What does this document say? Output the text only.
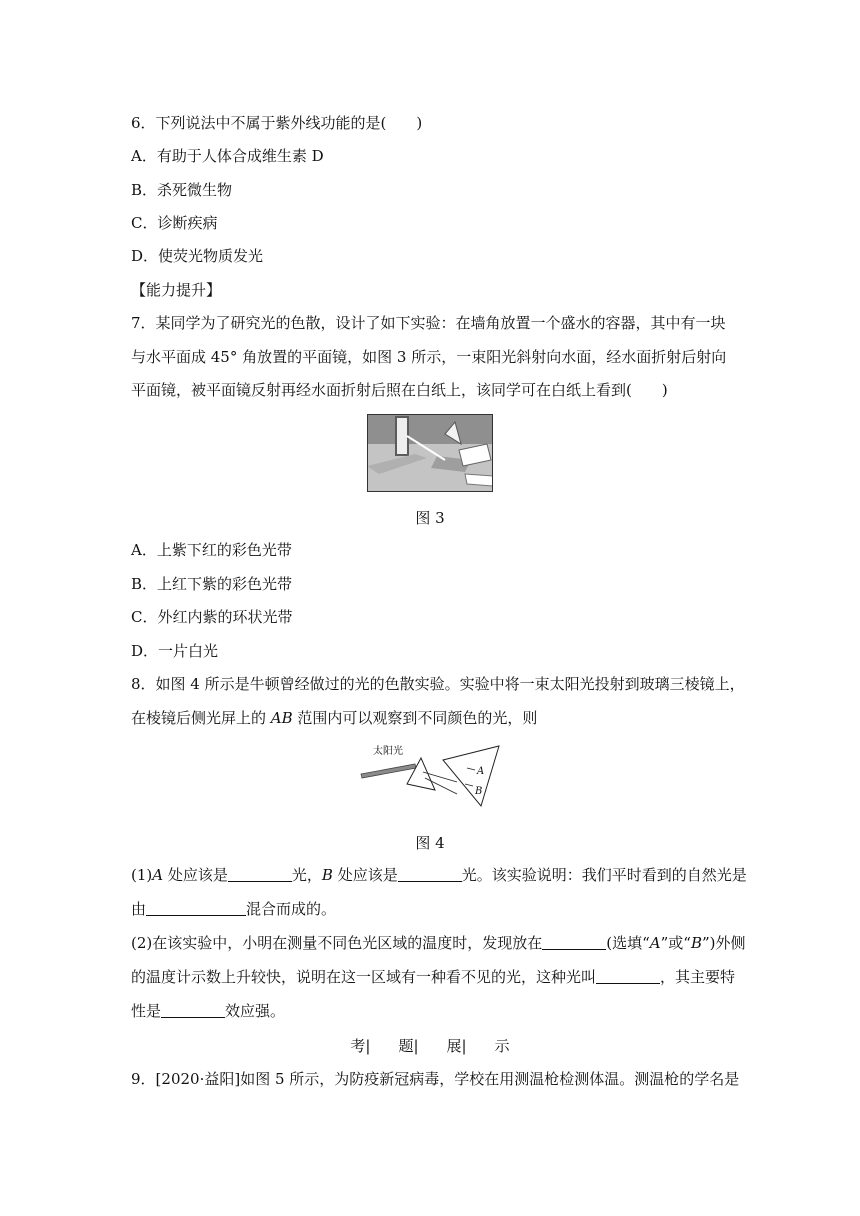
6．下列说法中不属于紫外线功能的是(　　)
A．有助于人体合成维生素 D
B．杀死微生物
C．诊断疾病
D．使荧光物质发光
【能力提升】
7．某同学为了研究光的色散，设计了如下实验：在墙角放置一个盛水的容器，其中有一块
与水平面成 45° 角放置的平面镜，如图 3 所示，一束阳光斜射向水面，经水面折射后射向
平面镜，被平面镜反射再经水面折射后照在白纸上，该同学可在白纸上看到(　　)
图 3
A．上紫下红的彩色光带
B．上红下紫的彩色光带
C．外红内紫的环状光带
D．一片白光
8．如图 4 所示是牛顿曾经做过的光的色散实验。实验中将一束太阳光投射到玻璃三棱镜上，
在棱镜后侧光屏上的 AB 范围内可以观察到不同颜色的光，则
太阳光
A
B
图 4
(1)A 处应该是	光，B 处应该是	光。该实验说明：我们平时看到的自然光是
由	混合而成的。
(2)在该实验中，小明在测量不同色光区域的温度时，发现放在	(选填“A”或“B”)外侧
的温度计示数上升较快，说明在这一区域有一种看不见的光，这种光叫	，其主要特
性是	效应强。
考| 题| 展| 示
9．[2020·益阳]如图 5 所示，为防疫新冠病毒，学校在用测温枪检测体温。测温枪的学名是
